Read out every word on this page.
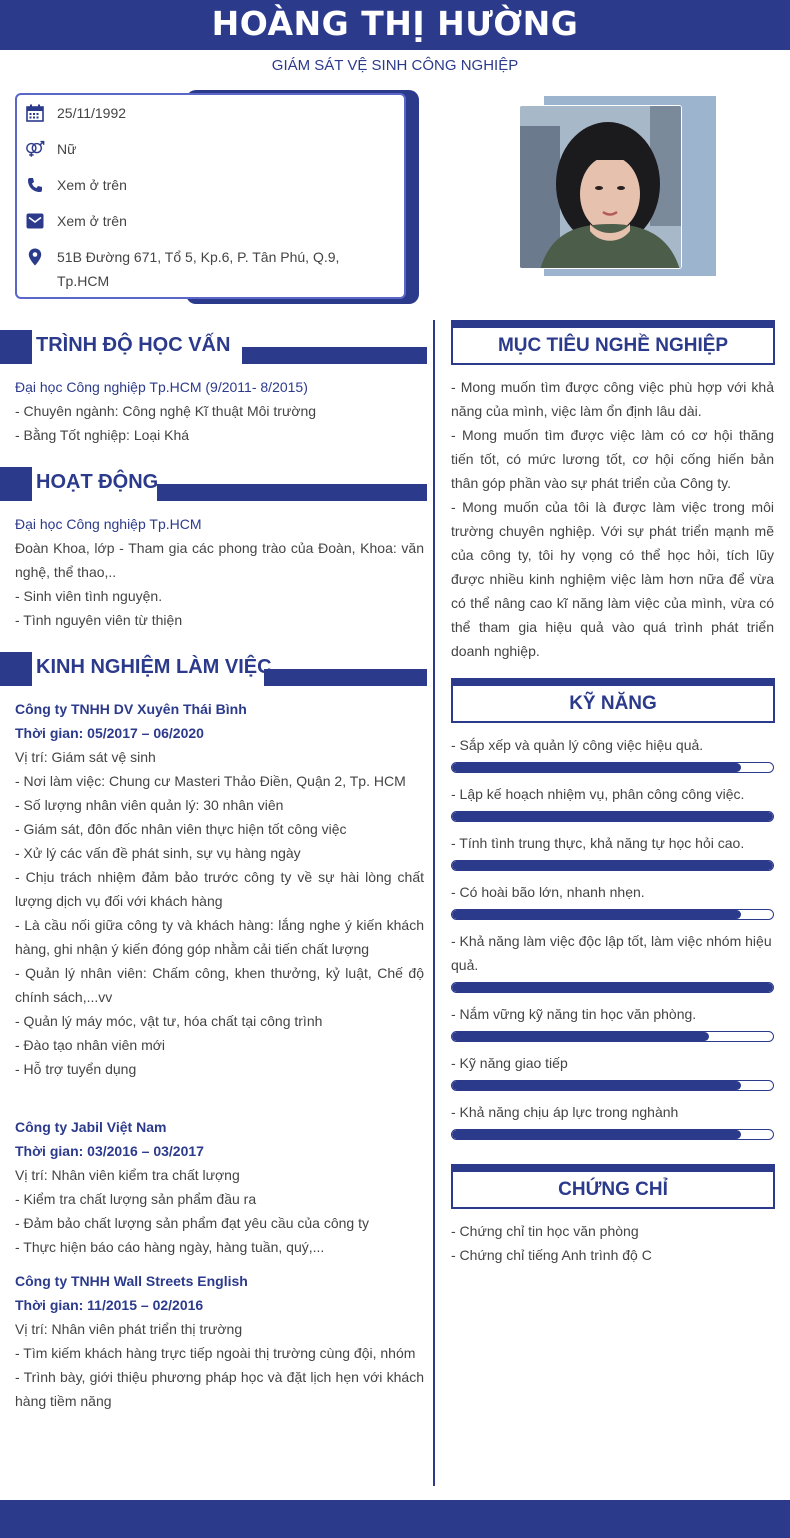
HOÀNG THỊ HƯỜNG
GIÁM SÁT VỆ SINH CÔNG NGHIỆP
25/11/1992
Nữ
Xem ở trên
Xem ở trên
51B Đường 671, Tổ 5, Kp.6, P. Tân Phú, Q.9,
Tp.HCM
TRÌNH ĐỘ HỌC VẤN
Đại học Công nghiệp Tp.HCM (9/2011- 8/2015)
- Chuyên ngành: Công nghệ Kĩ thuật Môi trường
- Bằng Tốt nghiệp: Loại Khá
HOẠT ĐỘNG
Đại học Công nghiệp Tp.HCM
Đoàn Khoa, lớp - Tham gia các phong trào của Đoàn, Khoa: văn nghệ, thể thao,..
- Sinh viên tình nguyện.
- Tình nguyên viên từ thiện
KINH NGHIỆM LÀM VIỆC
Công ty TNHH DV Xuyên Thái Bình
Thời gian: 05/2017 – 06/2020
Vị trí: Giám sát vệ sinh
- Nơi làm việc: Chung cư Masteri Thảo Điền, Quận 2, Tp. HCM
- Số lượng nhân viên quản lý: 30 nhân viên
- Giám sát, đôn đốc nhân viên thực hiện tốt công việc
- Xử lý các vấn đề phát sinh, sự vụ hàng ngày
- Chịu trách nhiệm đảm bảo trước công ty về sự hài lòng chất lượng dịch vụ đối với khách hàng
- Là cầu nối giữa công ty và khách hàng: lắng nghe ý kiến khách hàng, ghi nhận ý kiến đóng góp nhằm cải tiến chất lượng
- Quản lý nhân viên: Chấm công, khen thưởng, kỷ luật, Chế độ chính sách,...vv
- Quản lý máy móc, vật tư, hóa chất tại công trình
- Đào tạo nhân viên mới
- Hỗ trợ tuyển dụng
Công ty Jabil Việt Nam
Thời gian: 03/2016 – 03/2017
Vị trí: Nhân viên kiểm tra chất lượng
- Kiểm tra chất lượng sản phẩm đầu ra
- Đảm bảo chất lượng sản phẩm đạt yêu cầu của công ty
- Thực hiện báo cáo hàng ngày, hàng tuần, quý,...
Công ty TNHH Wall Streets English
Thời gian: 11/2015 – 02/2016
Vị trí: Nhân viên phát triển thị trường
- Tìm kiếm khách hàng trực tiếp ngoài thị trường cùng đội, nhóm
- Trình bày, giới thiệu phương pháp học và đặt lịch hẹn với khách hàng tiềm năng
MỤC TIÊU NGHỀ NGHIỆP
- Mong muốn tìm được công việc phù hợp với khả năng của mình, việc làm ổn định lâu dài.
- Mong muốn tìm được việc làm có cơ hội thăng tiến tốt, có mức lương tốt, cơ hội cống hiến bản thân góp phần vào sự phát triển của Công ty.
- Mong muốn của tôi là được làm việc trong môi trường chuyên nghiệp. Với sự phát triển mạnh mẽ của công ty, tôi hy vọng có thể học hỏi, tích lũy được nhiều kinh nghiệm việc làm hơn nữa để vừa có thể nâng cao kĩ năng làm việc của mình, vừa có thể tham gia hiệu quả vào quá trình phát triển doanh nghiệp.
KỸ NĂNG
- Sắp xếp và quản lý công việc hiệu quả.
- Lập kế hoạch nhiệm vụ, phân công công việc.
- Tính tình trung thực, khả năng tự học hỏi cao.
- Có hoài bão lớn, nhanh nhẹn.
- Khả năng làm việc độc lập tốt, làm việc nhóm hiệu quả.
- Nắm vững kỹ năng tin học văn phòng.
- Kỹ năng giao tiếp
- Khả năng chịu áp lực trong nghành
CHỨNG CHỈ
- Chứng chỉ tin học văn phòng
- Chứng chỉ tiếng Anh trình độ C
